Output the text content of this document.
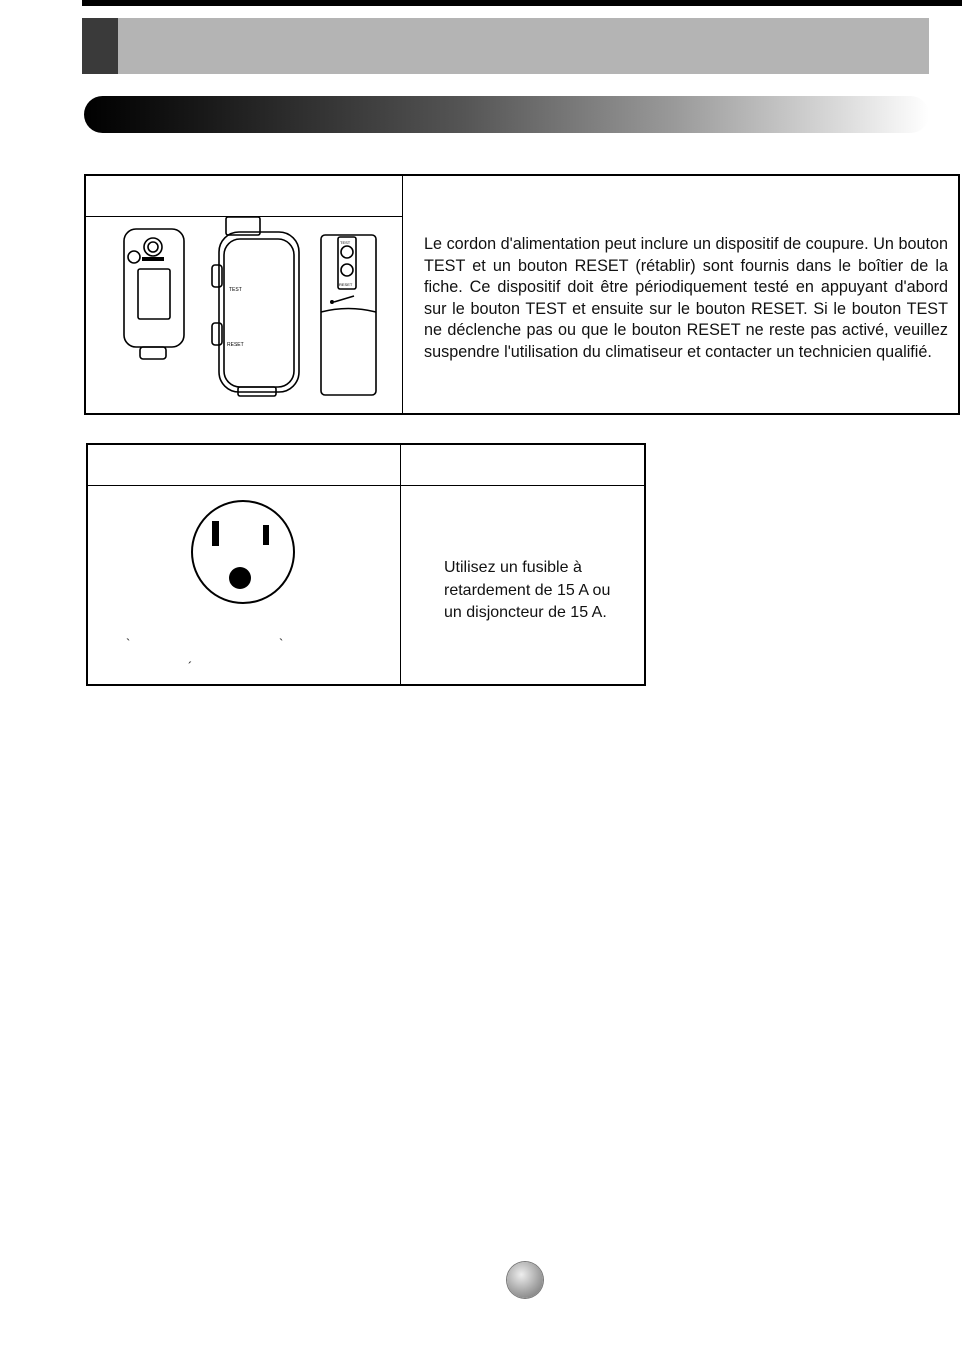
TEST
RESET
TEST
RESET
Le cordon d'alimentation peut inclure un dispositif de coupure. Un bouton TEST et un bouton RESET (rétablir) sont fournis dans le boîtier de la fiche. Ce dispositif doit être périodiquement testé en appuyant d'abord sur le bouton TEST et ensuite sur le bouton RESET. Si le bouton TEST ne déclenche pas ou que le bouton RESET ne reste pas activé, veuillez suspendre l'utilisation du climatiseur et contacter un technicien qualifié.
`	`
´
Utilisez un fusible à retardement de 15 A ou un disjoncteur de 15 A.
